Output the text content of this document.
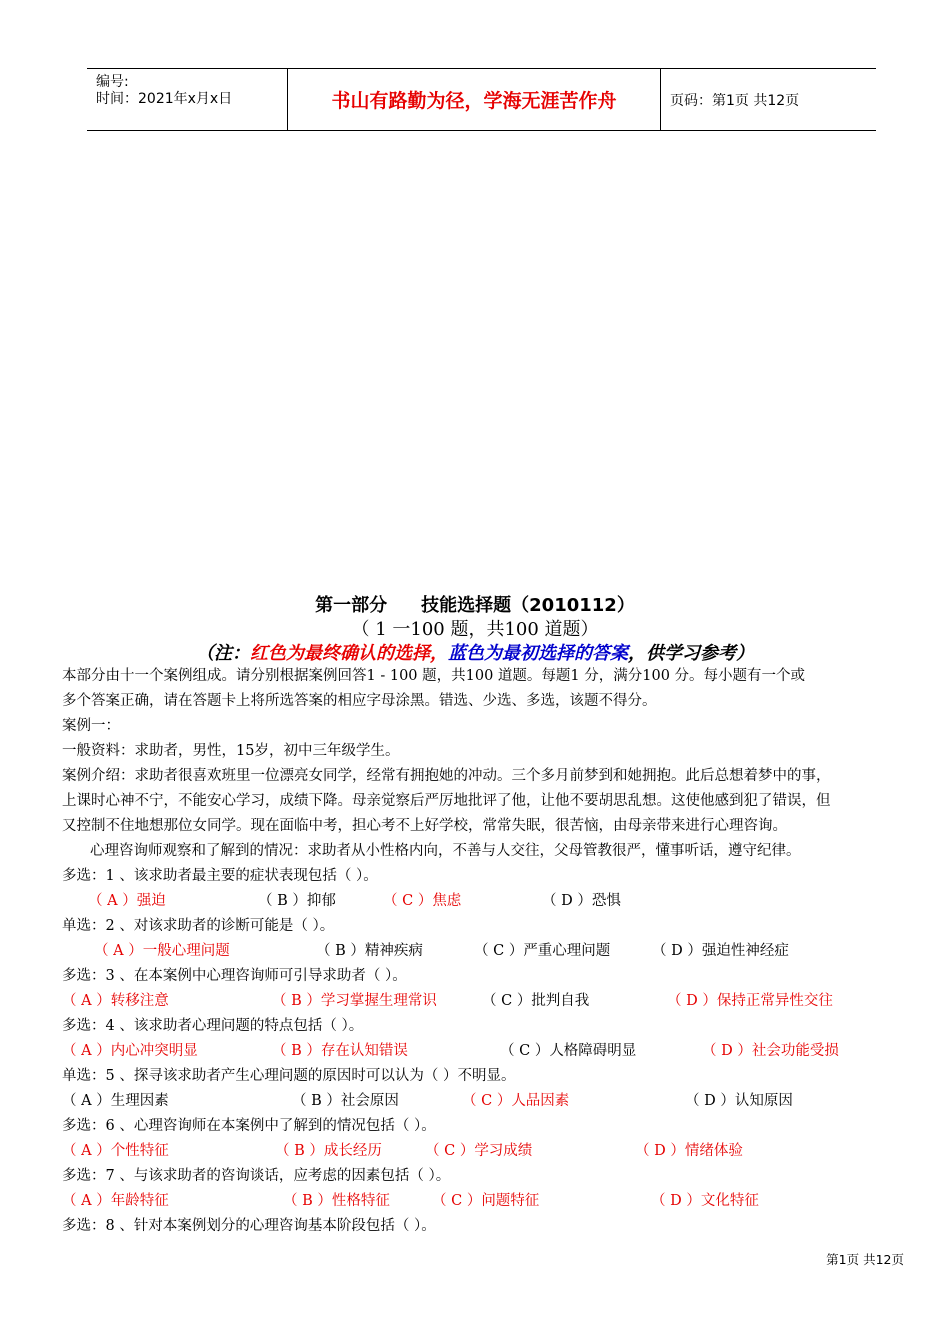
编号:
时间：2021年x月x日	书山有路勤为径，学海无涯苦作舟	页码：第1页 共12页
第一部分 技能选择题（2010112）
（ 1 一100 题，共100 道题）
（注：红色为最终确认的选择，蓝色为最初选择的答案，供学习参考）
本部分由十一个案例组成。请分别根据案例回答1 - 100 题，共100 道题。每题1 分，满分100 分。每小题有一个或
多个答案正确，请在答题卡上将所选答案的相应字母涂黑。错选、少选、多选，该题不得分。
案例一：
一般资料：求助者，男性，15岁，初中三年级学生。
案例介绍：求助者很喜欢班里一位漂亮女同学，经常有拥抱她的冲动。三个多月前梦到和她拥抱。此后总想着梦中的事，
上课时心神不宁，不能安心学习，成绩下降。母亲觉察后严厉地批评了他，让他不要胡思乱想。这使他感到犯了错误，但
又控制不住地想那位女同学。现在面临中考，担心考不上好学校，常常失眠，很苦恼，由母亲带来进行心理咨询。
心理咨询师观察和了解到的情况：求助者从小性格内向，不善与人交往，父母管教很严，懂事听话，遵守纪律。
多选：1 、该求助者最主要的症状表现包括（ ）。
（ A ）强迫	（ B ）抑郁	（ C ）焦虑	（ D ）恐惧
单选：2 、对该求助者的诊断可能是（ ）。
（ A ）一般心理问题	（ B ）精神疾病	（ C ）严重心理问题	（ D ）强迫性神经症
多选：3 、在本案例中心理咨询师可引导求助者（ ）。
（ A ）转移注意	（ B ）学习掌握生理常识	（ C ）批判自我	（ D ）保持正常异性交往
多选：4 、该求助者心理问题的特点包括（ ）。
（ A ）内心冲突明显	（ B ）存在认知错误	（ C ）人格障碍明显	（ D ）社会功能受损
单选：5 、探寻该求助者产生心理问题的原因时可以认为（ ）不明显。
（ A ）生理因素	（ B ）社会原因	（ C ）人品因素	（ D ）认知原因
多选：6 、心理咨询师在本案例中了解到的情况包括（ ）。
（ A ）个性特征	（ B ）成长经历	（ C ）学习成绩	（ D ）情绪体验
多选：7 、与该求助者的咨询谈话，应考虑的因素包括（ ）。
（ A ）年龄特征	（ B ）性格特征	（ C ）问题特征	（ D ）文化特征
多选：8 、针对本案例划分的心理咨询基本阶段包括（ ）。
第1页 共12页
